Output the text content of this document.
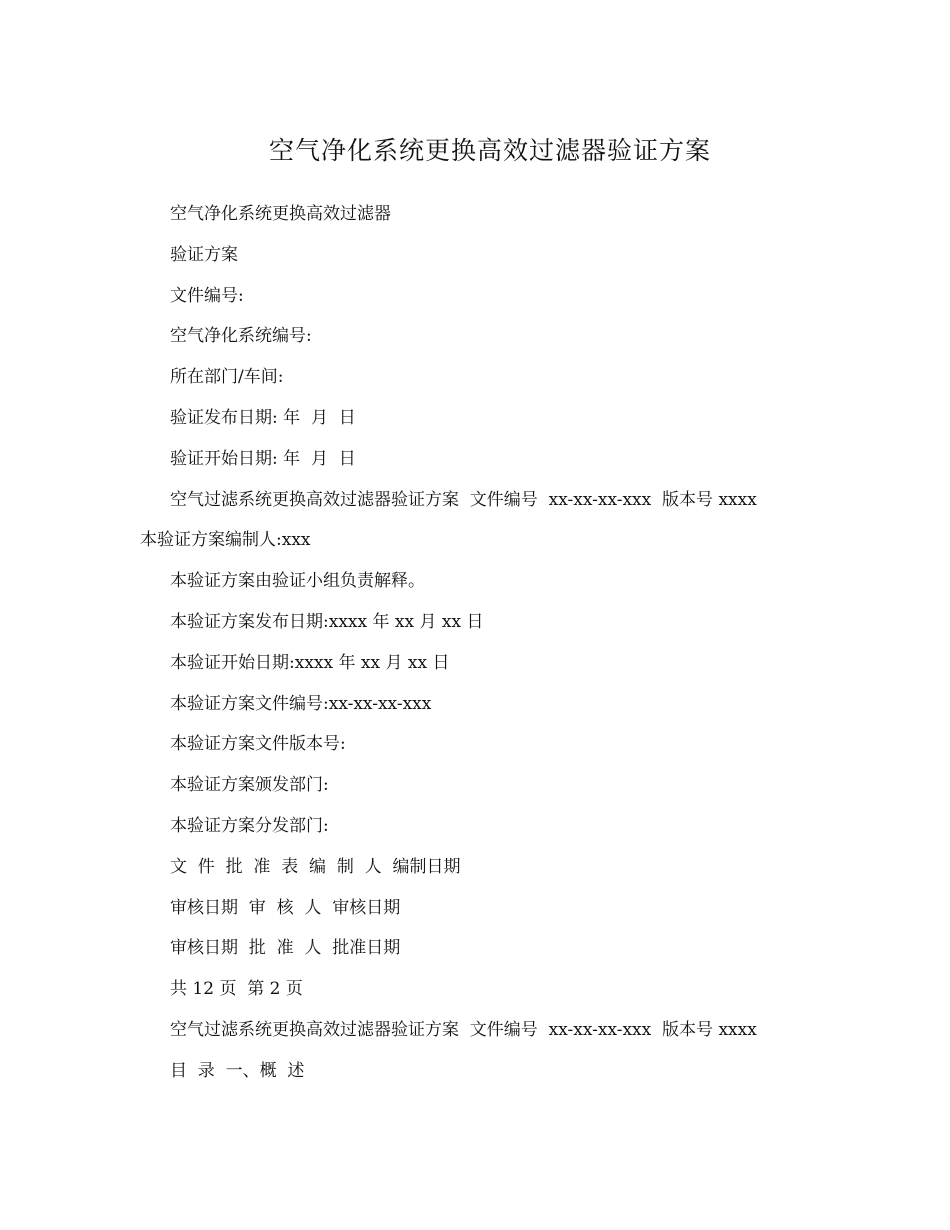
空气净化系统更换高效过滤器验证方案
空气净化系统更换高效过滤器
验证方案
文件编号:
空气净化系统编号:
所在部门/车间:
验证发布日期: 年  月  日
验证开始日期: 年  月  日
空气过滤系统更换高效过滤器验证方案  文件编号  xx-xx-xx-xxx  版本号 xxxx
本验证方案编制人:xxx
本验证方案由验证小组负责解释。
本验证方案发布日期:xxxx 年 xx 月 xx 日
本验证开始日期:xxxx 年 xx 月 xx 日
本验证方案文件编号:xx-xx-xx-xxx
本验证方案文件版本号:
本验证方案颁发部门:
本验证方案分发部门:
文  件  批  准  表  编  制  人  编制日期
审核日期  审  核  人  审核日期
审核日期  批  准  人  批准日期
共 12 页  第 2 页
空气过滤系统更换高效过滤器验证方案  文件编号  xx-xx-xx-xxx  版本号 xxxx
目  录  一、概  述
